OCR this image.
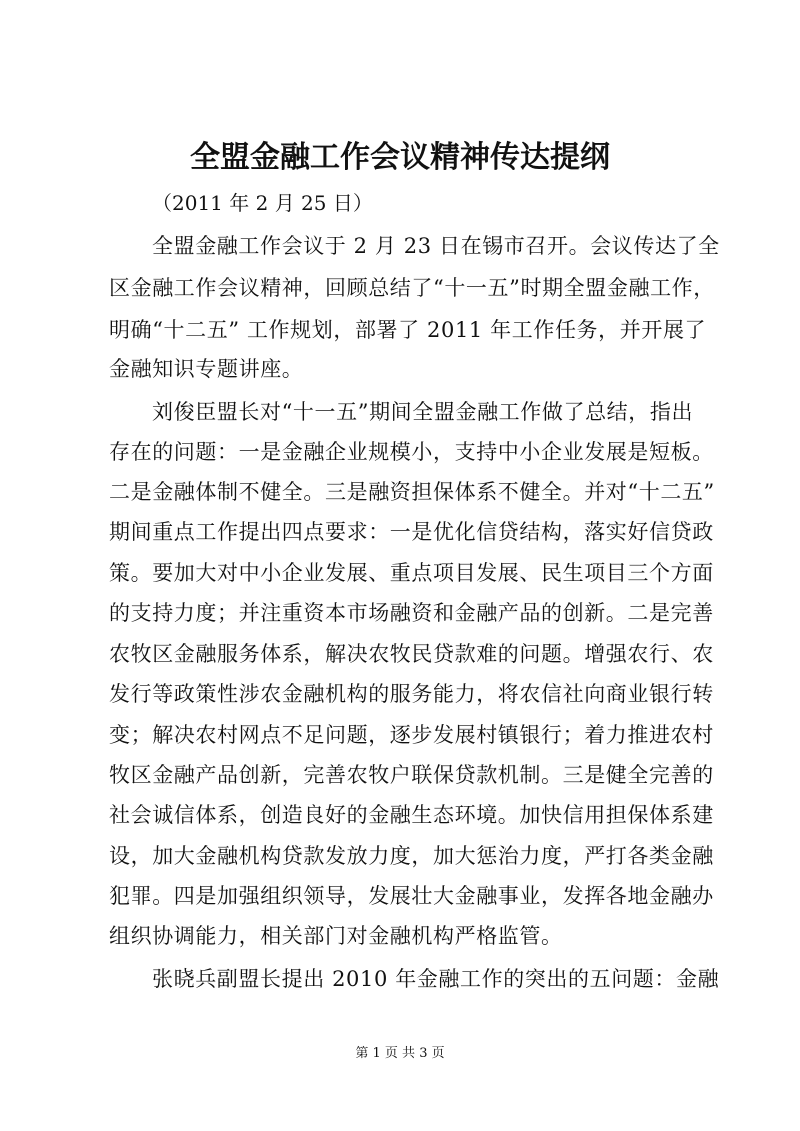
全盟金融工作会议精神传达提纲

（2011 年 2 月 25 日）

全盟金融工作会议于 2 月 23 日在锡市召开。会议传达了全

区金融工作会议精神，回顾总结了“十一五”时期全盟金融工作，

明确“十二五” 工作规划，部署了 2011 年工作任务，并开展了

金融知识专题讲座。

刘俊臣盟长对“十一五”期间全盟金融工作做了总结，指出

存在的问题：一是金融企业规模小，支持中小企业发展是短板。

二是金融体制不健全。三是融资担保体系不健全。并对“十二五”

期间重点工作提出四点要求：一是优化信贷结构，落实好信贷政

策。要加大对中小企业发展、重点项目发展、民生项目三个方面

的支持力度；并注重资本市场融资和金融产品的创新。二是完善

农牧区金融服务体系，解决农牧民贷款难的问题。增强农行、农

发行等政策性涉农金融机构的服务能力，将农信社向商业银行转

变；解决农村网点不足问题，逐步发展村镇银行；着力推进农村

牧区金融产品创新，完善农牧户联保贷款机制。三是健全完善的

社会诚信体系，创造良好的金融生态环境。加快信用担保体系建

设，加大金融机构贷款发放力度，加大惩治力度，严打各类金融

犯罪。四是加强组织领导，发展壮大金融事业，发挥各地金融办

组织协调能力，相关部门对金融机构严格监管。

张晓兵副盟长提出 2010 年金融工作的突出的五问题：金融

第 1 页 共 3 页
